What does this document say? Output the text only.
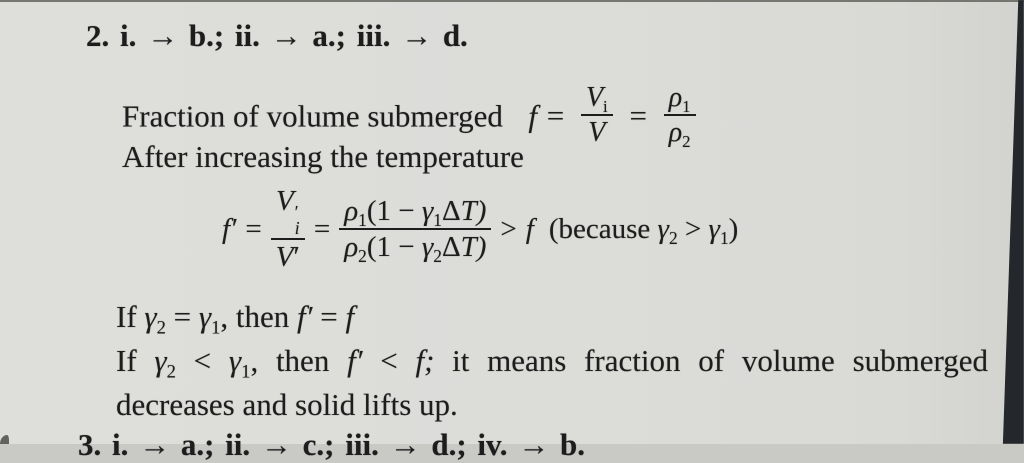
2. i. → b.; ii. → a.; iii. → d.
Fraction of volume submerged $f = \frac{V_i}{V} = \frac{\rho_1}{\rho_2}$
After increasing the temperature
f′ = V ′
i
$V' = \frac{\rho_1(1 - \gamma_1\Delta T)}{\rho_2(1 - \gamma_2\Delta T)} > f$ (because $\gamma_2 > \gamma_1$)
If $\gamma_2 = \gamma_1$, then f′ = f
If $\gamma_2 < \gamma_1$, then f′ < f; it means fraction of volume submerged
decreases and solid lifts up.
3. i. → a.; ii. → c.; iii. → d.; iv. → b.
